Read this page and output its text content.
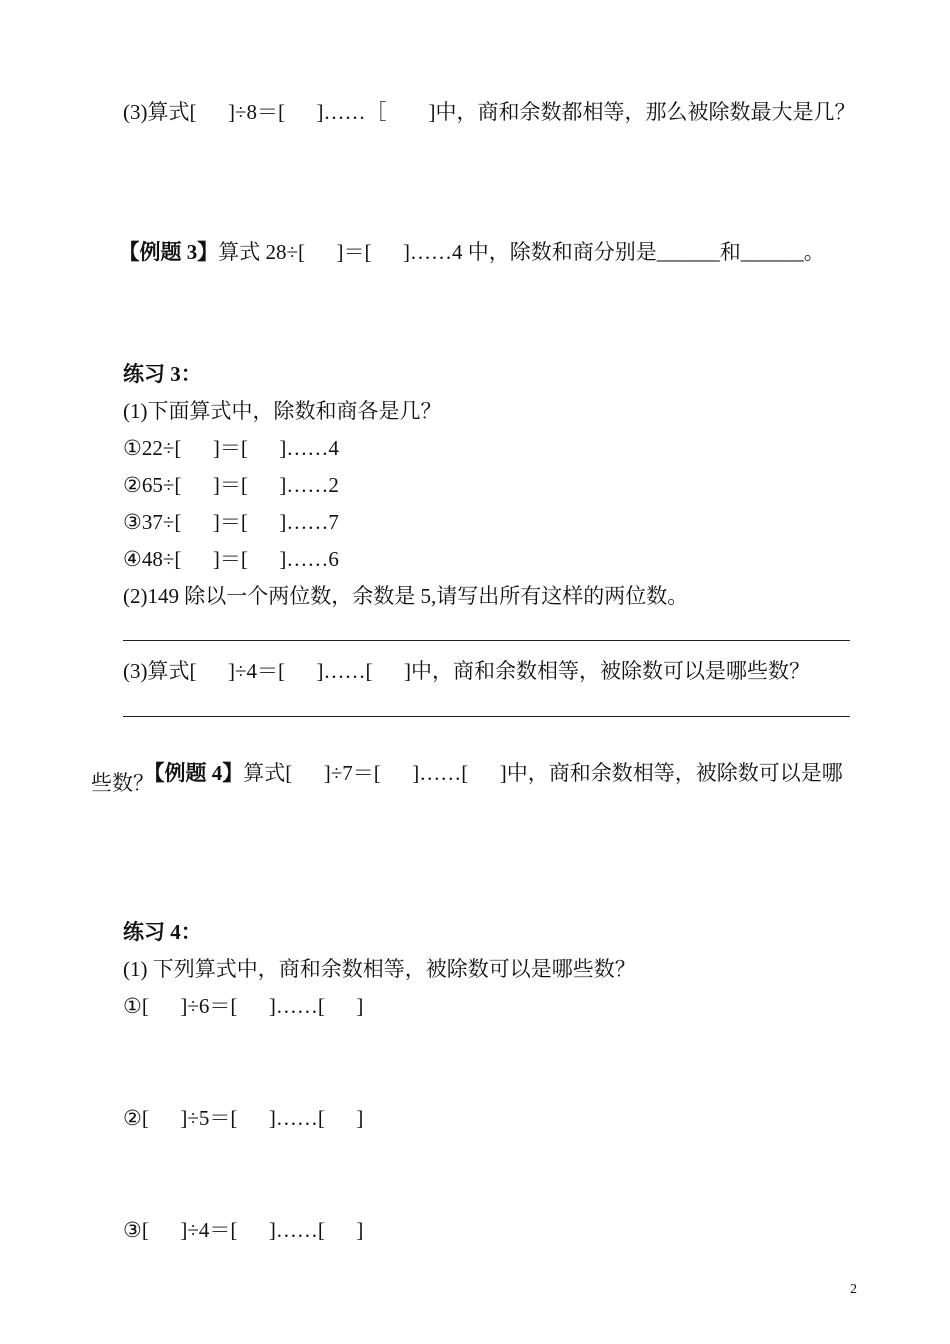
(3)算式[      ]÷8＝[      ]……［        ]中，商和余数都相等，那么被除数最大是几？

【例题 3】算式 28÷[      ]＝[      ]……4 中，除数和商分别是______和______。

练习 3：
(1)下面算式中，除数和商各是几？
①22÷[      ]＝[      ]……4
②65÷[      ]＝[      ]……2
③37÷[      ]＝[      ]……7
④48÷[      ]＝[      ]……6
(2)149 除以一个两位数，余数是 5,请写出所有这样的两位数。
(3)算式[      ]÷4＝[      ]……[      ]中，商和余数相等，被除数可以是哪些数？

【例题 4】算式[      ]÷7＝[      ]……[      ]中，商和余数相等，被除数可以是哪

些数？
练习 4：
(1) 下列算式中，商和余数相等，被除数可以是哪些数？
①[      ]÷6＝[      ]……[      ]
②[      ]÷5＝[      ]……[      ]
③[      ]÷4＝[      ]……[      ]
2
